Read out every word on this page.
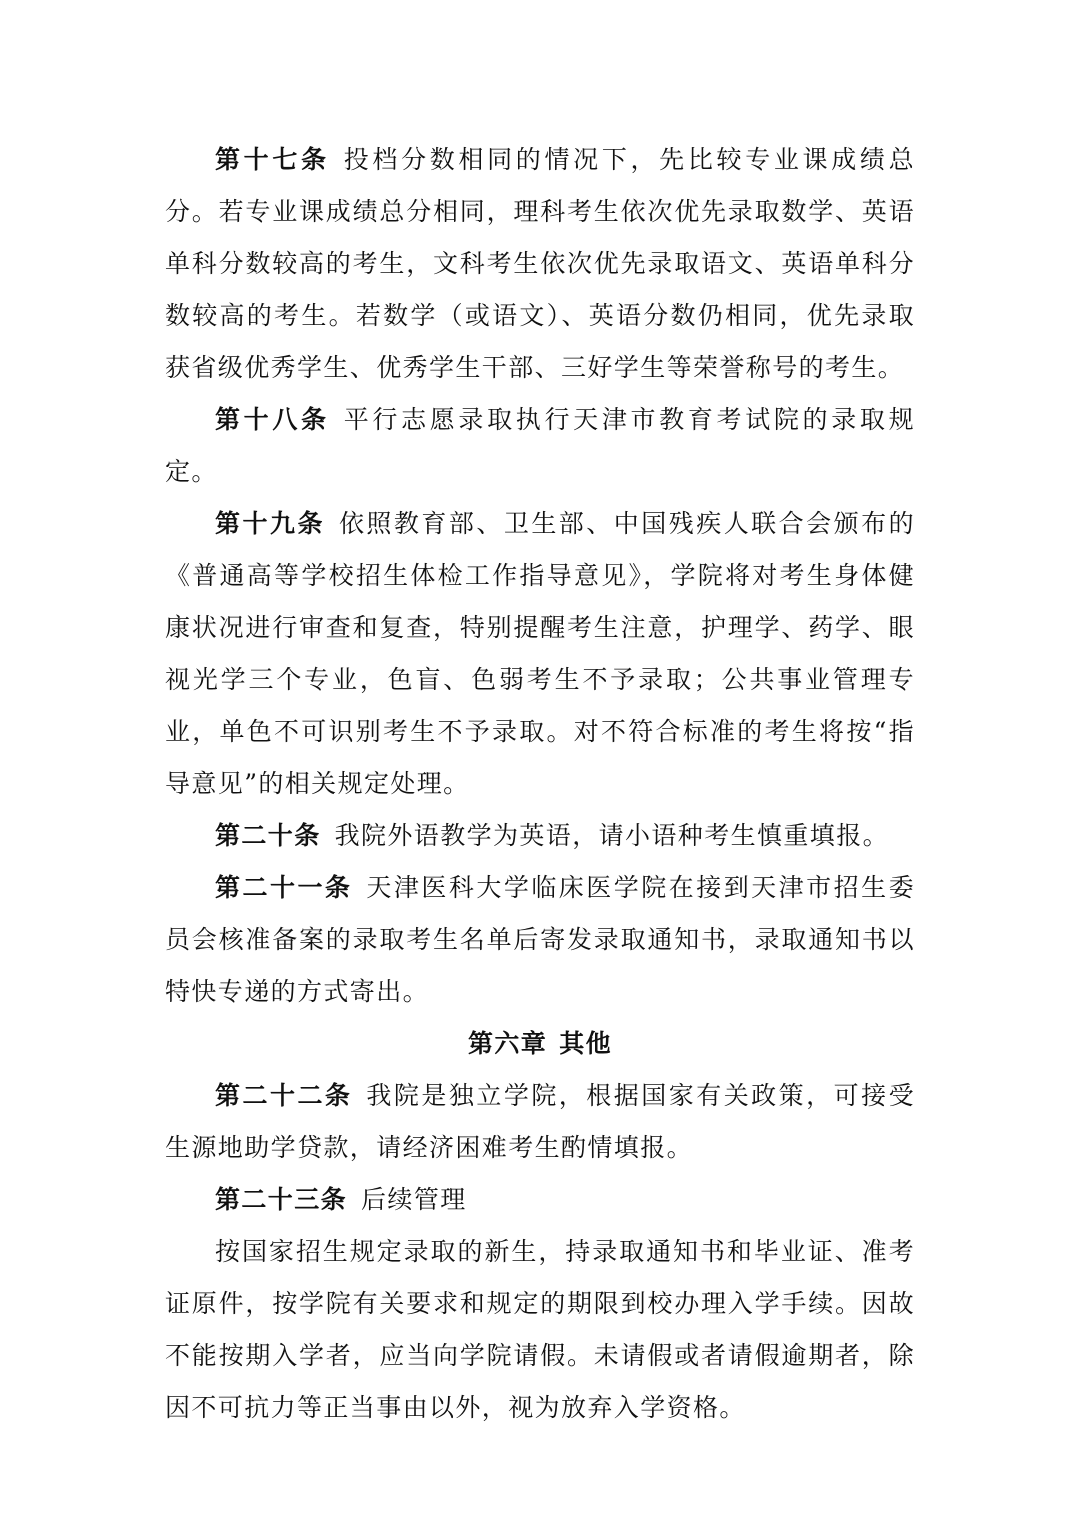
第十七条 投档分数相同的情况下，先比较专业课成绩总分。若专业课成绩总分相同，理科考生依次优先录取数学、英语单科分数较高的考生，文科考生依次优先录取语文、英语单科分数较高的考生。若数学（或语文）、英语分数仍相同，优先录取获省级优秀学生、优秀学生干部、三好学生等荣誉称号的考生。

第十八条 平行志愿录取执行天津市教育考试院的录取规定。

第十九条 依照教育部、卫生部、中国残疾人联合会颁布的《普通高等学校招生体检工作指导意见》，学院将对考生身体健康状况进行审查和复查，特别提醒考生注意，护理学、药学、眼视光学三个专业，色盲、色弱考生不予录取；公共事业管理专业，单色不可识别考生不予录取。对不符合标准的考生将按“指导意见”的相关规定处理。

第二十条 我院外语教学为英语，请小语种考生慎重填报。

第二十一条 天津医科大学临床医学院在接到天津市招生委员会核准备案的录取考生名单后寄发录取通知书，录取通知书以特快专递的方式寄出。

第六章 其他

第二十二条 我院是独立学院，根据国家有关政策，可接受生源地助学贷款，请经济困难考生酌情填报。

第二十三条 后续管理

按国家招生规定录取的新生，持录取通知书和毕业证、准考证原件，按学院有关要求和规定的期限到校办理入学手续。因故不能按期入学者，应当向学院请假。未请假或者请假逾期者，除因不可抗力等正当事由以外，视为放弃入学资格。
